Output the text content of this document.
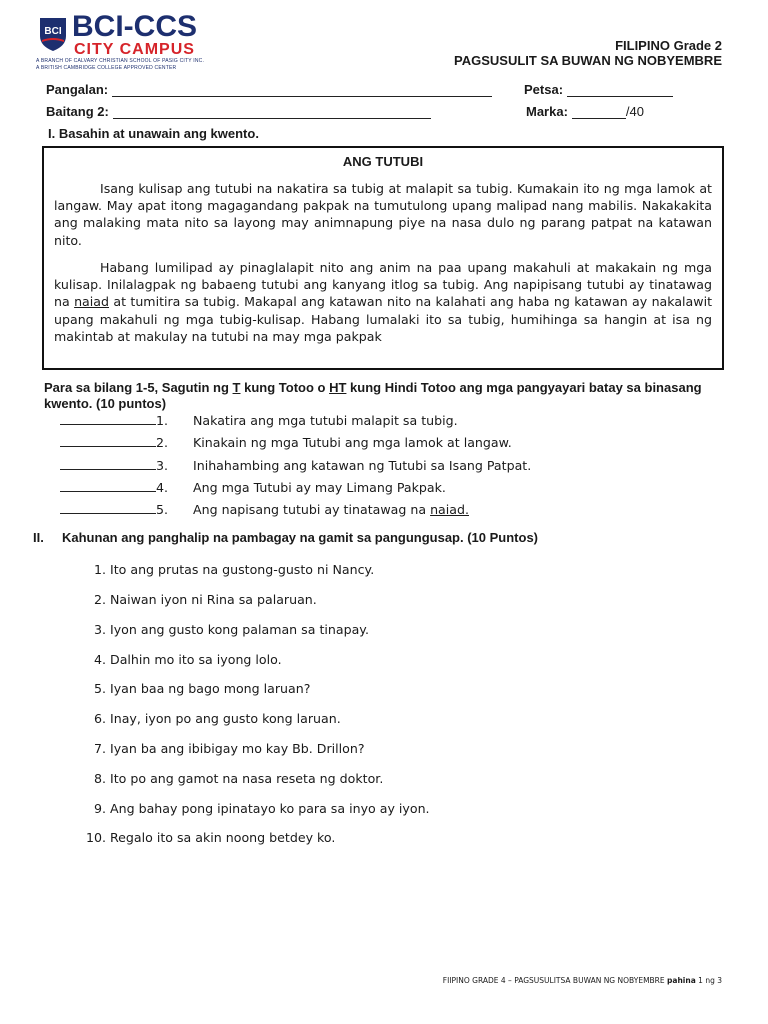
BCI BCI-CCS
CITY CAMPUS
A BRANCH OF CALVARY CHRISTIAN SCHOOL OF PASIG CITY INC.
A BRITISH CAMBRIDGE COLLEGE APPROVED CENTER
FILIPINO Grade 2
PAGSUSULIT SA BUWAN NG NOBYEMBRE
Pangalan:	Petsa:
Baitang 2:	Marka:	/40
I. Basahin at unawain ang kwento.
ANG TUTUBI
Isang kulisap ang tutubi na nakatira sa tubig at malapit sa tubig. Kumakain ito ng mga lamok at langaw. May apat itong magagandang pakpak na tumutulong upang malipad nang mabilis. Nakakakita ang malaking mata nito sa layong may animnapung piye na nasa dulo ng parang patpat na katawan nito.
Habang lumilipad ay pinaglalapit nito ang anim na paa upang makahuli at makakain ng mga kulisap. Inilalagpak ng babaeng tutubi ang kanyang itlog sa tubig. Ang napipisang tutubi ay tinatawag na naiad at tumitira sa tubig. Makapal ang katawan nito na kalahati ang haba ng katawan ay nakalawit upang makahuli ng mga tubig-kulisap. Habang lumalaki ito sa tubig, humihinga sa hangin at isa ng makintab at makulay na tutubi na may mga pakpak
Para sa bilang 1-5, Sagutin ng T kung Totoo o HT kung Hindi Totoo ang mga pangyayari batay sa binasang kwento. (10 puntos)
1. Nakatira ang mga tutubi malapit sa tubig.
2. Kinakain ng mga Tutubi ang mga lamok at langaw.
3. Inihahambing ang katawan ng Tutubi sa Isang Patpat.
4. Ang mga Tutubi ay may Limang Pakpak.
5. Ang napisang tutubi ay tinatawag na naiad.
II. Kahunan ang panghalip na pambagay na gamit sa pangungusap. (10 Puntos)
1. Ito ang prutas na gustong-gusto ni Nancy.
2. Naiwan iyon ni Rina sa palaruan.
3. Iyon ang gusto kong palaman sa tinapay.
4. Dalhin mo ito sa iyong lolo.
5. Iyan baa ng bago mong laruan?
6. Inay, iyon po ang gusto kong laruan.
7. Iyan ba ang ibibigay mo kay Bb. Drillon?
8. Ito po ang gamot na nasa reseta ng doktor.
9. Ang bahay pong ipinatayo ko para sa inyo ay iyon.
10. Regalo ito sa akin noong betdey ko.
FIIPINO GRADE 4 – PAGSUSULITSA BUWAN NG NOBYEMBRE pahina 1 ng 3
